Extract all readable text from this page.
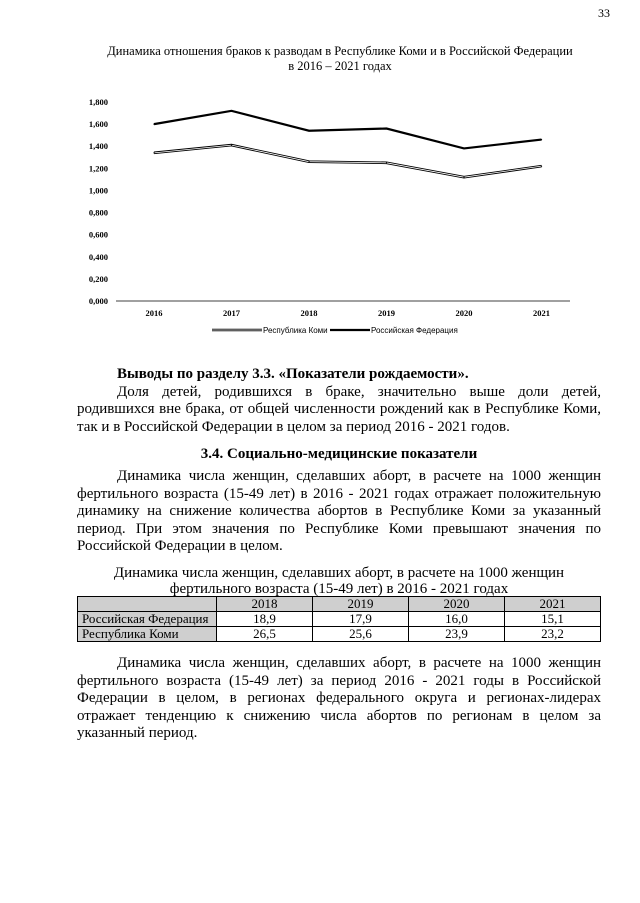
33
Динамика отношения браков к разводам в Республике Коми и в Российской Федерации
в 2016 – 2021 годах
0,000
0,200
0,400
0,600
0,800
1,000
1,200
1,400
1,600
1,800
2016	2017	2018	2019	2020	2021
Республика Коми	Российская Федерация

Выводы по разделу 3.3. «Показатели рождаемости».

Доля детей, родившихся в браке, значительно выше доли детей, родившихся вне брака, от общей численности рождений как в Республике Коми, так и в Российской Федерации в целом за период 2016 - 2021 годов.

3.4. Социально-медицинские показатели

Динамика числа женщин, сделавших аборт, в расчете на 1000 женщин фертильного возраста (15-49 лет) в 2016 - 2021 годах отражает положительную динамику на снижение количества абортов в Республике Коми за указанный период. При этом значения по Республике Коми превышают значения по Российской Федерации в целом.

Динамика числа женщин, сделавших аборт, в расчете на 1000 женщин
фертильного возраста (15-49 лет) в 2016 - 2021 годах
	2018	2019	2020	2021
Российская Федерация	18,9	17,9	16,0	15,1
Республика Коми	26,5	25,6	23,9	23,2

Динамика числа женщин, сделавших аборт, в расчете на 1000 женщин фертильного возраста (15-49 лет) за период 2016 - 2021 годы в Российской Федерации в целом, в регионах федерального округа и регионах-лидерах отражает тенденцию к снижению числа абортов по регионам в целом за указанный период.
